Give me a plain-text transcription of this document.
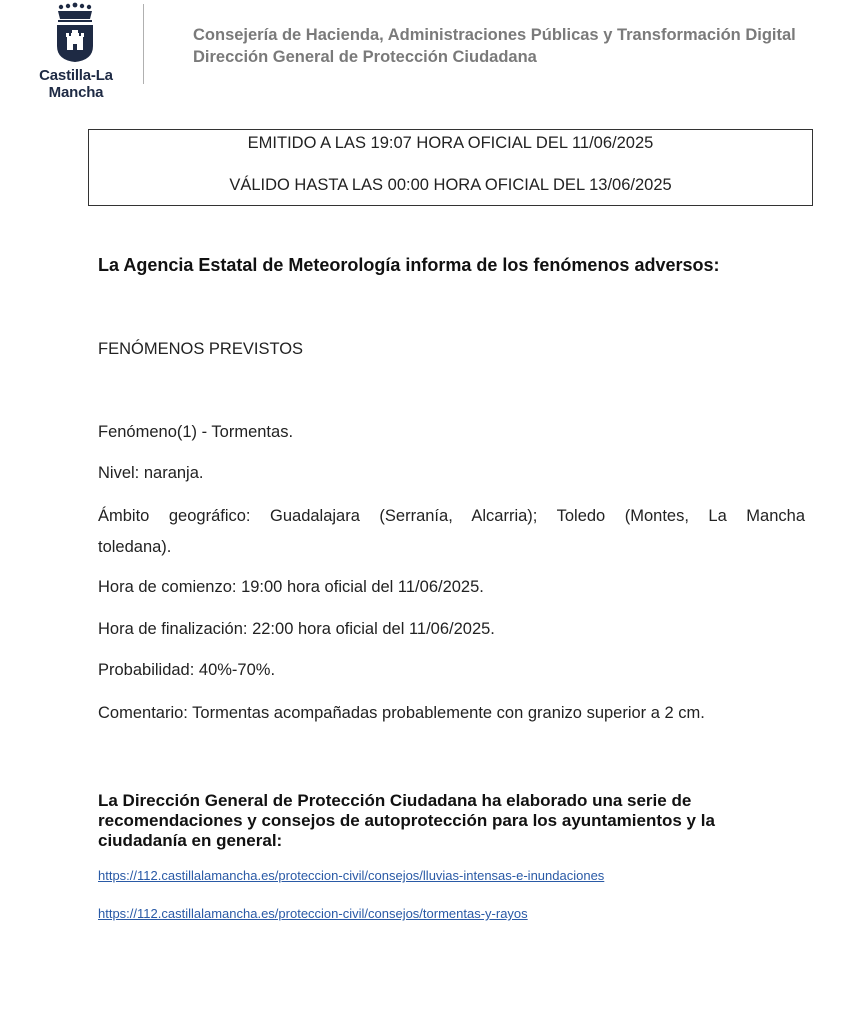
Castilla-La Mancha
Consejería de Hacienda, Administraciones Públicas y Transformación Digital
Dirección General de Protección Ciudadana
EMITIDO A LAS 19:07 HORA OFICIAL DEL 11/06/2025
VÁLIDO HASTA LAS 00:00 HORA OFICIAL DEL 13/06/2025
La Agencia Estatal de Meteorología informa de los fenómenos adversos:
FENÓMENOS PREVISTOS
Fenómeno(1) - Tormentas.
Nivel: naranja.
Ámbito geográfico: Guadalajara (Serranía, Alcarria); Toledo (Montes, La Mancha
toledana).
Hora de comienzo: 19:00 hora oficial del 11/06/2025.
Hora de finalización: 22:00 hora oficial del 11/06/2025.
Probabilidad: 40%-70%.
Comentario: Tormentas acompañadas probablemente con granizo superior a 2 cm.
La Dirección General de Protección Ciudadana ha elaborado una serie de
recomendaciones y consejos de autoprotección para los ayuntamientos y la
ciudadanía en general:
https://112.castillalamancha.es/proteccion-civil/consejos/lluvias-intensas-e-inundaciones
https://112.castillalamancha.es/proteccion-civil/consejos/tormentas-y-rayos
